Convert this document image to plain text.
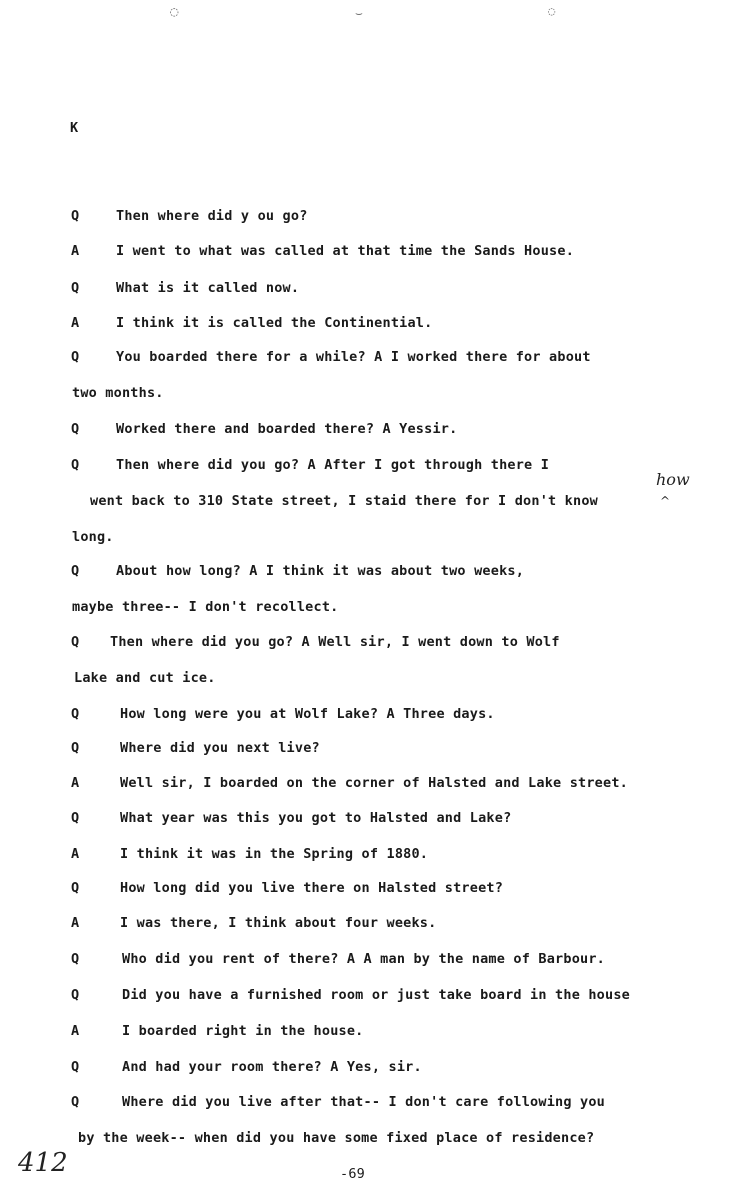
◌	⌣	◌
K
Q	Then where did y ou go?
A	I went to what was called at that time the Sands House.
Q	What is it called now.
A	I think it is called the Continential.
Q	You boarded there for a while? A I worked there for about
two months.
Q	Worked there and boarded there? A Yessir.
Q	Then where did you go? A After I got through there I
went back to 310 State street, I staid there for I don't know
long.
Q	About how long? A I think it was about two weeks,
maybe three-- I don't recollect.
Q	Then where did you go? A Well sir, I went down to Wolf
Lake and cut ice.
Q	How long were you at Wolf Lake? A Three days.
Q	Where did you next live?
A	Well sir, I boarded on the corner of Halsted and Lake street.
Q	What year was this you got to Halsted and Lake?
A	I think it was in the Spring of 1880.
Q	How long did you live there on Halsted street?
A	I was there, I think about four weeks.
Q	Who did you rent of there? A A man by the name of Barbour.
Q	Did you have a furnished room or just take board in the house
A	I boarded right in the house.
Q	And had your room there? A Yes, sir.
Q	Where did you live after that-- I don't care following you
by the week-- when did you have some fixed place of residence?
how
^
412	-69
